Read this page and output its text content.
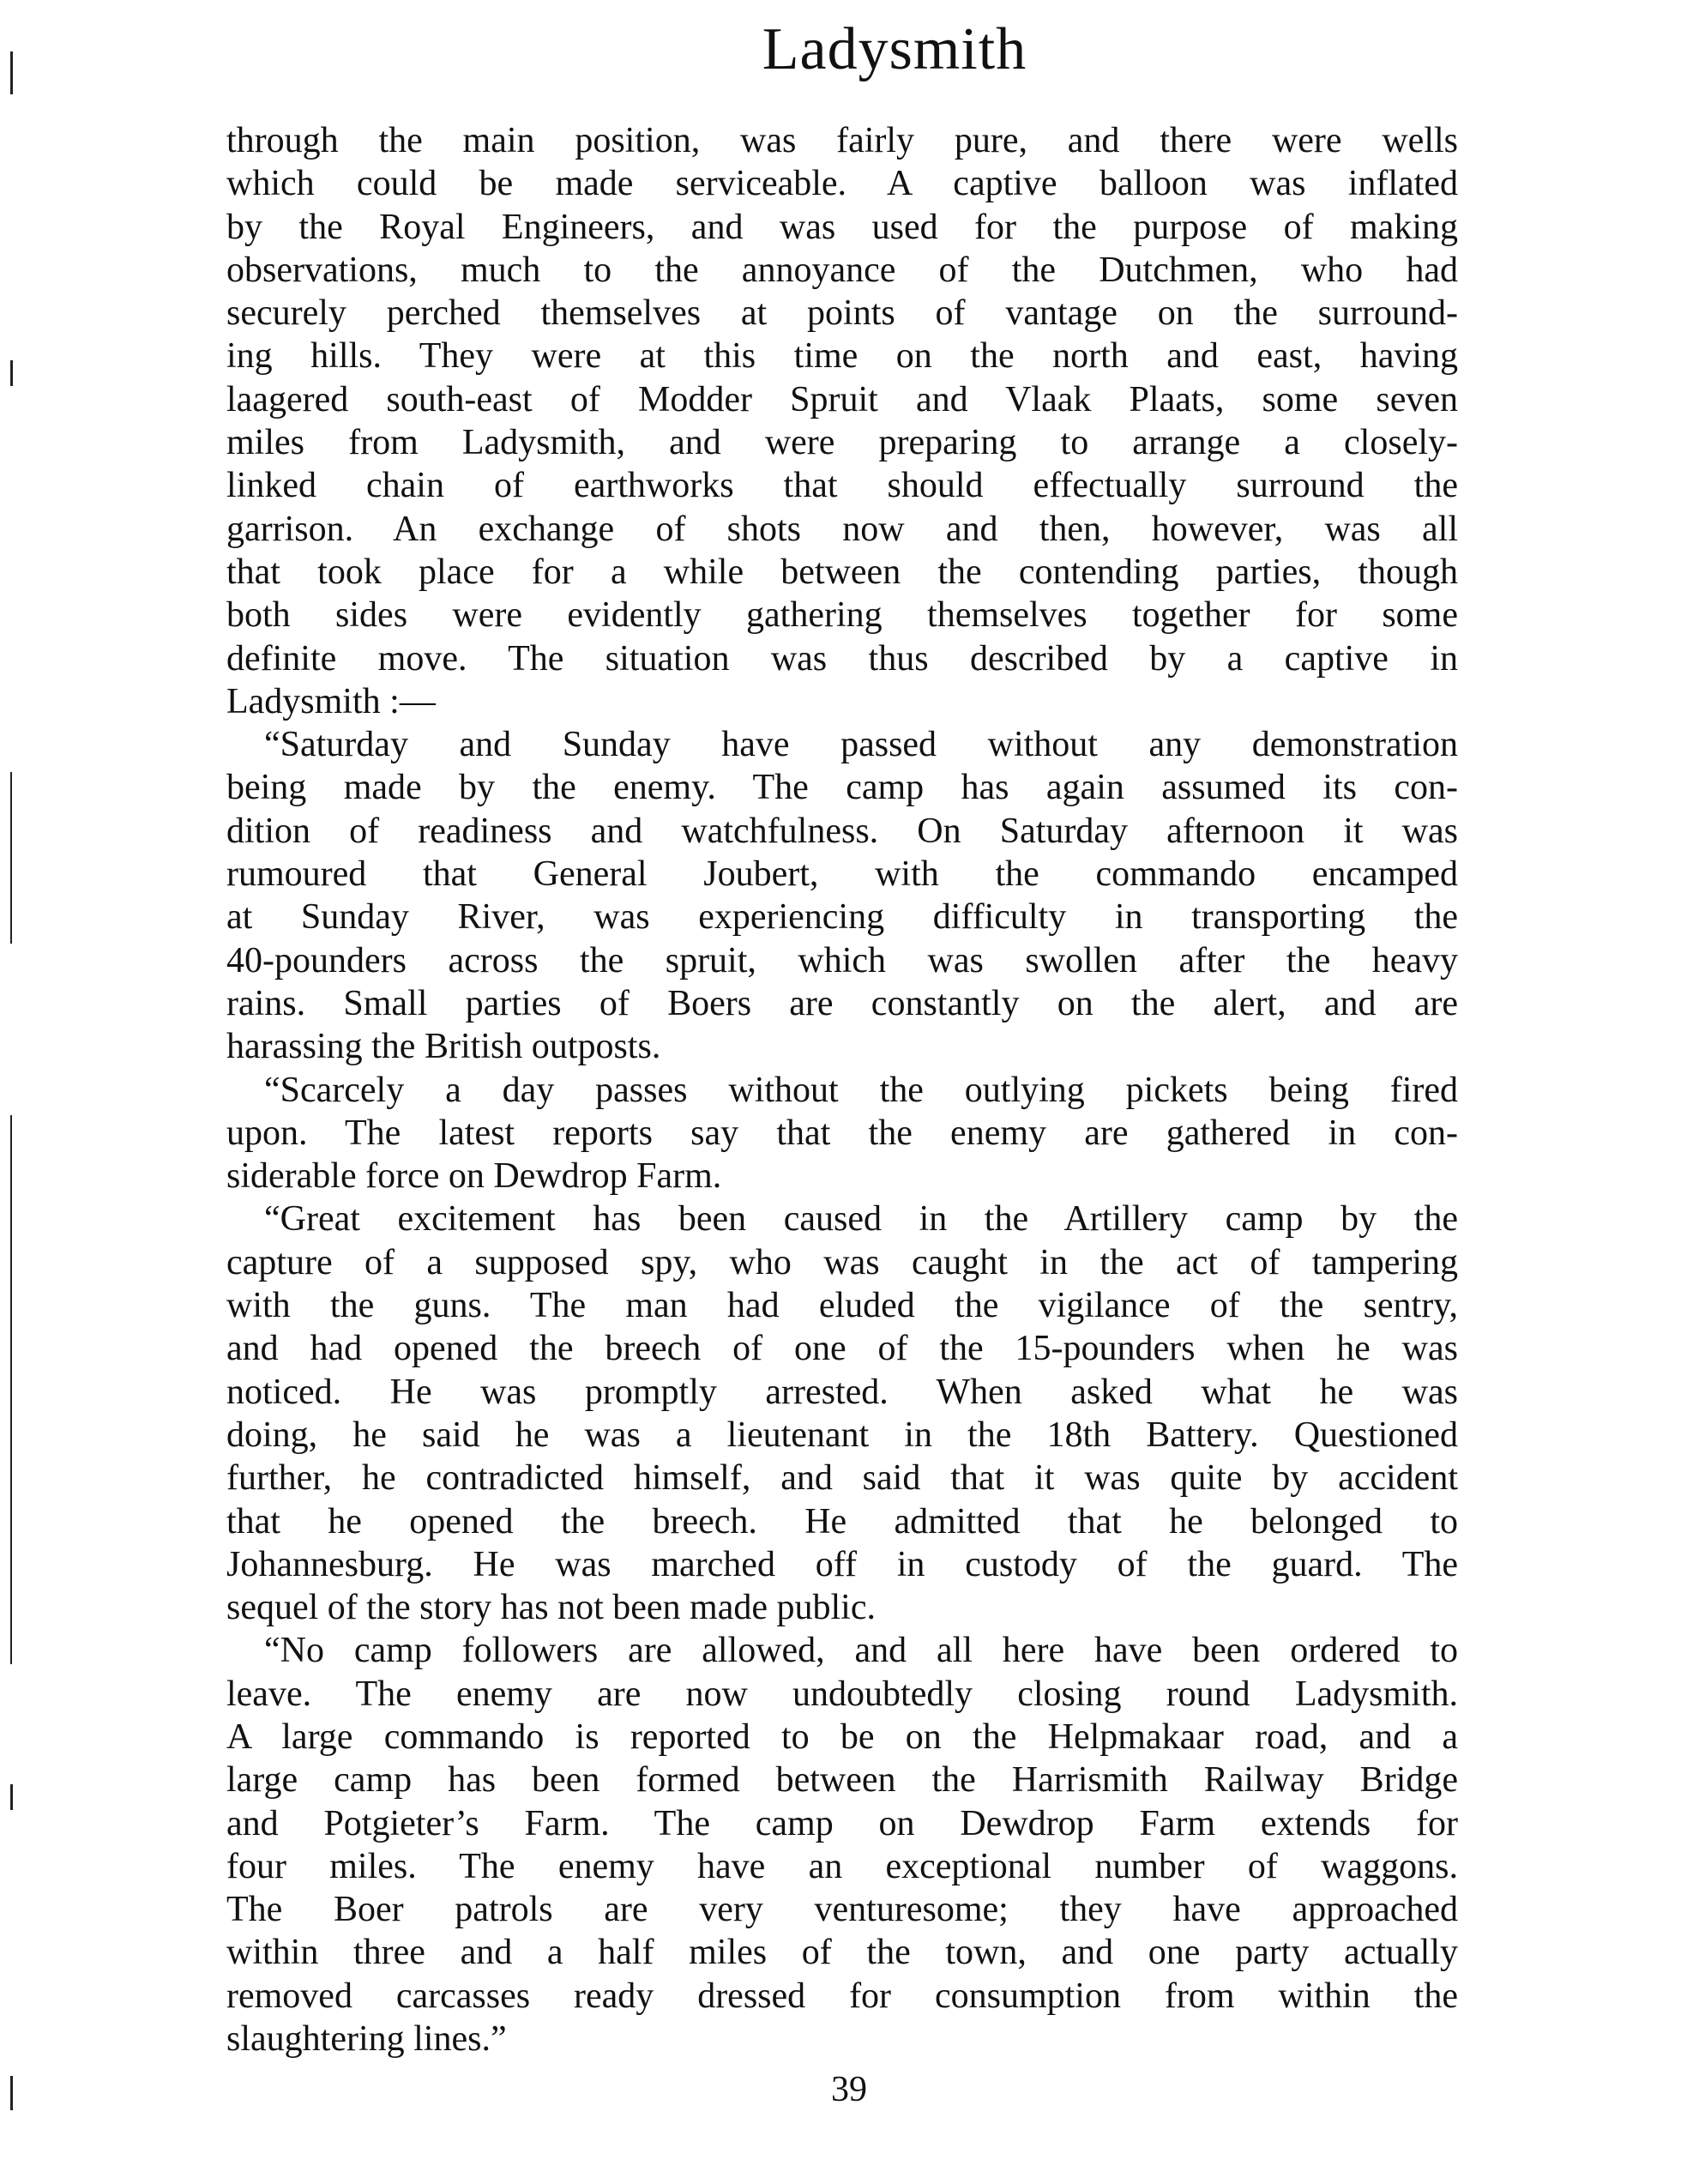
Ladysmith
through the main position, was fairly pure, and there were wells
which could be made serviceable. A captive balloon was inflated
by the Royal Engineers, and was used for the purpose of making
observations, much to the annoyance of the Dutchmen, who had
securely perched themselves at points of vantage on the surround-
ing hills. They were at this time on the north and east, having
laagered south-east of Modder Spruit and Vlaak Plaats, some seven
miles from Ladysmith, and were preparing to arrange a closely-
linked chain of earthworks that should effectually surround the
garrison. An exchange of shots now and then, however, was all
that took place for a while between the contending parties, though
both sides were evidently gathering themselves together for some
definite move. The situation was thus described by a captive in
Ladysmith :—
“Saturday and Sunday have passed without any demonstration
being made by the enemy. The camp has again assumed its con-
dition of readiness and watchfulness. On Saturday afternoon it was
rumoured that General Joubert, with the commando encamped
at Sunday River, was experiencing difficulty in transporting the
40-pounders across the spruit, which was swollen after the heavy
rains. Small parties of Boers are constantly on the alert, and are
harassing the British outposts.
“Scarcely a day passes without the outlying pickets being fired
upon. The latest reports say that the enemy are gathered in con-
siderable force on Dewdrop Farm.
“Great excitement has been caused in the Artillery camp by the
capture of a supposed spy, who was caught in the act of tampering
with the guns. The man had eluded the vigilance of the sentry,
and had opened the breech of one of the 15-pounders when he was
noticed. He was promptly arrested. When asked what he was
doing, he said he was a lieutenant in the 18th Battery. Questioned
further, he contradicted himself, and said that it was quite by accident
that he opened the breech. He admitted that he belonged to
Johannesburg. He was marched off in custody of the guard. The
sequel of the story has not been made public.
“No camp followers are allowed, and all here have been ordered to
leave. The enemy are now undoubtedly closing round Ladysmith.
A large commando is reported to be on the Helpmakaar road, and a
large camp has been formed between the Harrismith Railway Bridge
and Potgieter’s Farm. The camp on Dewdrop Farm extends for
four miles. The enemy have an exceptional number of waggons.
The Boer patrols are very venturesome; they have approached
within three and a half miles of the town, and one party actually
removed carcasses ready dressed for consumption from within the
slaughtering lines.”
39
